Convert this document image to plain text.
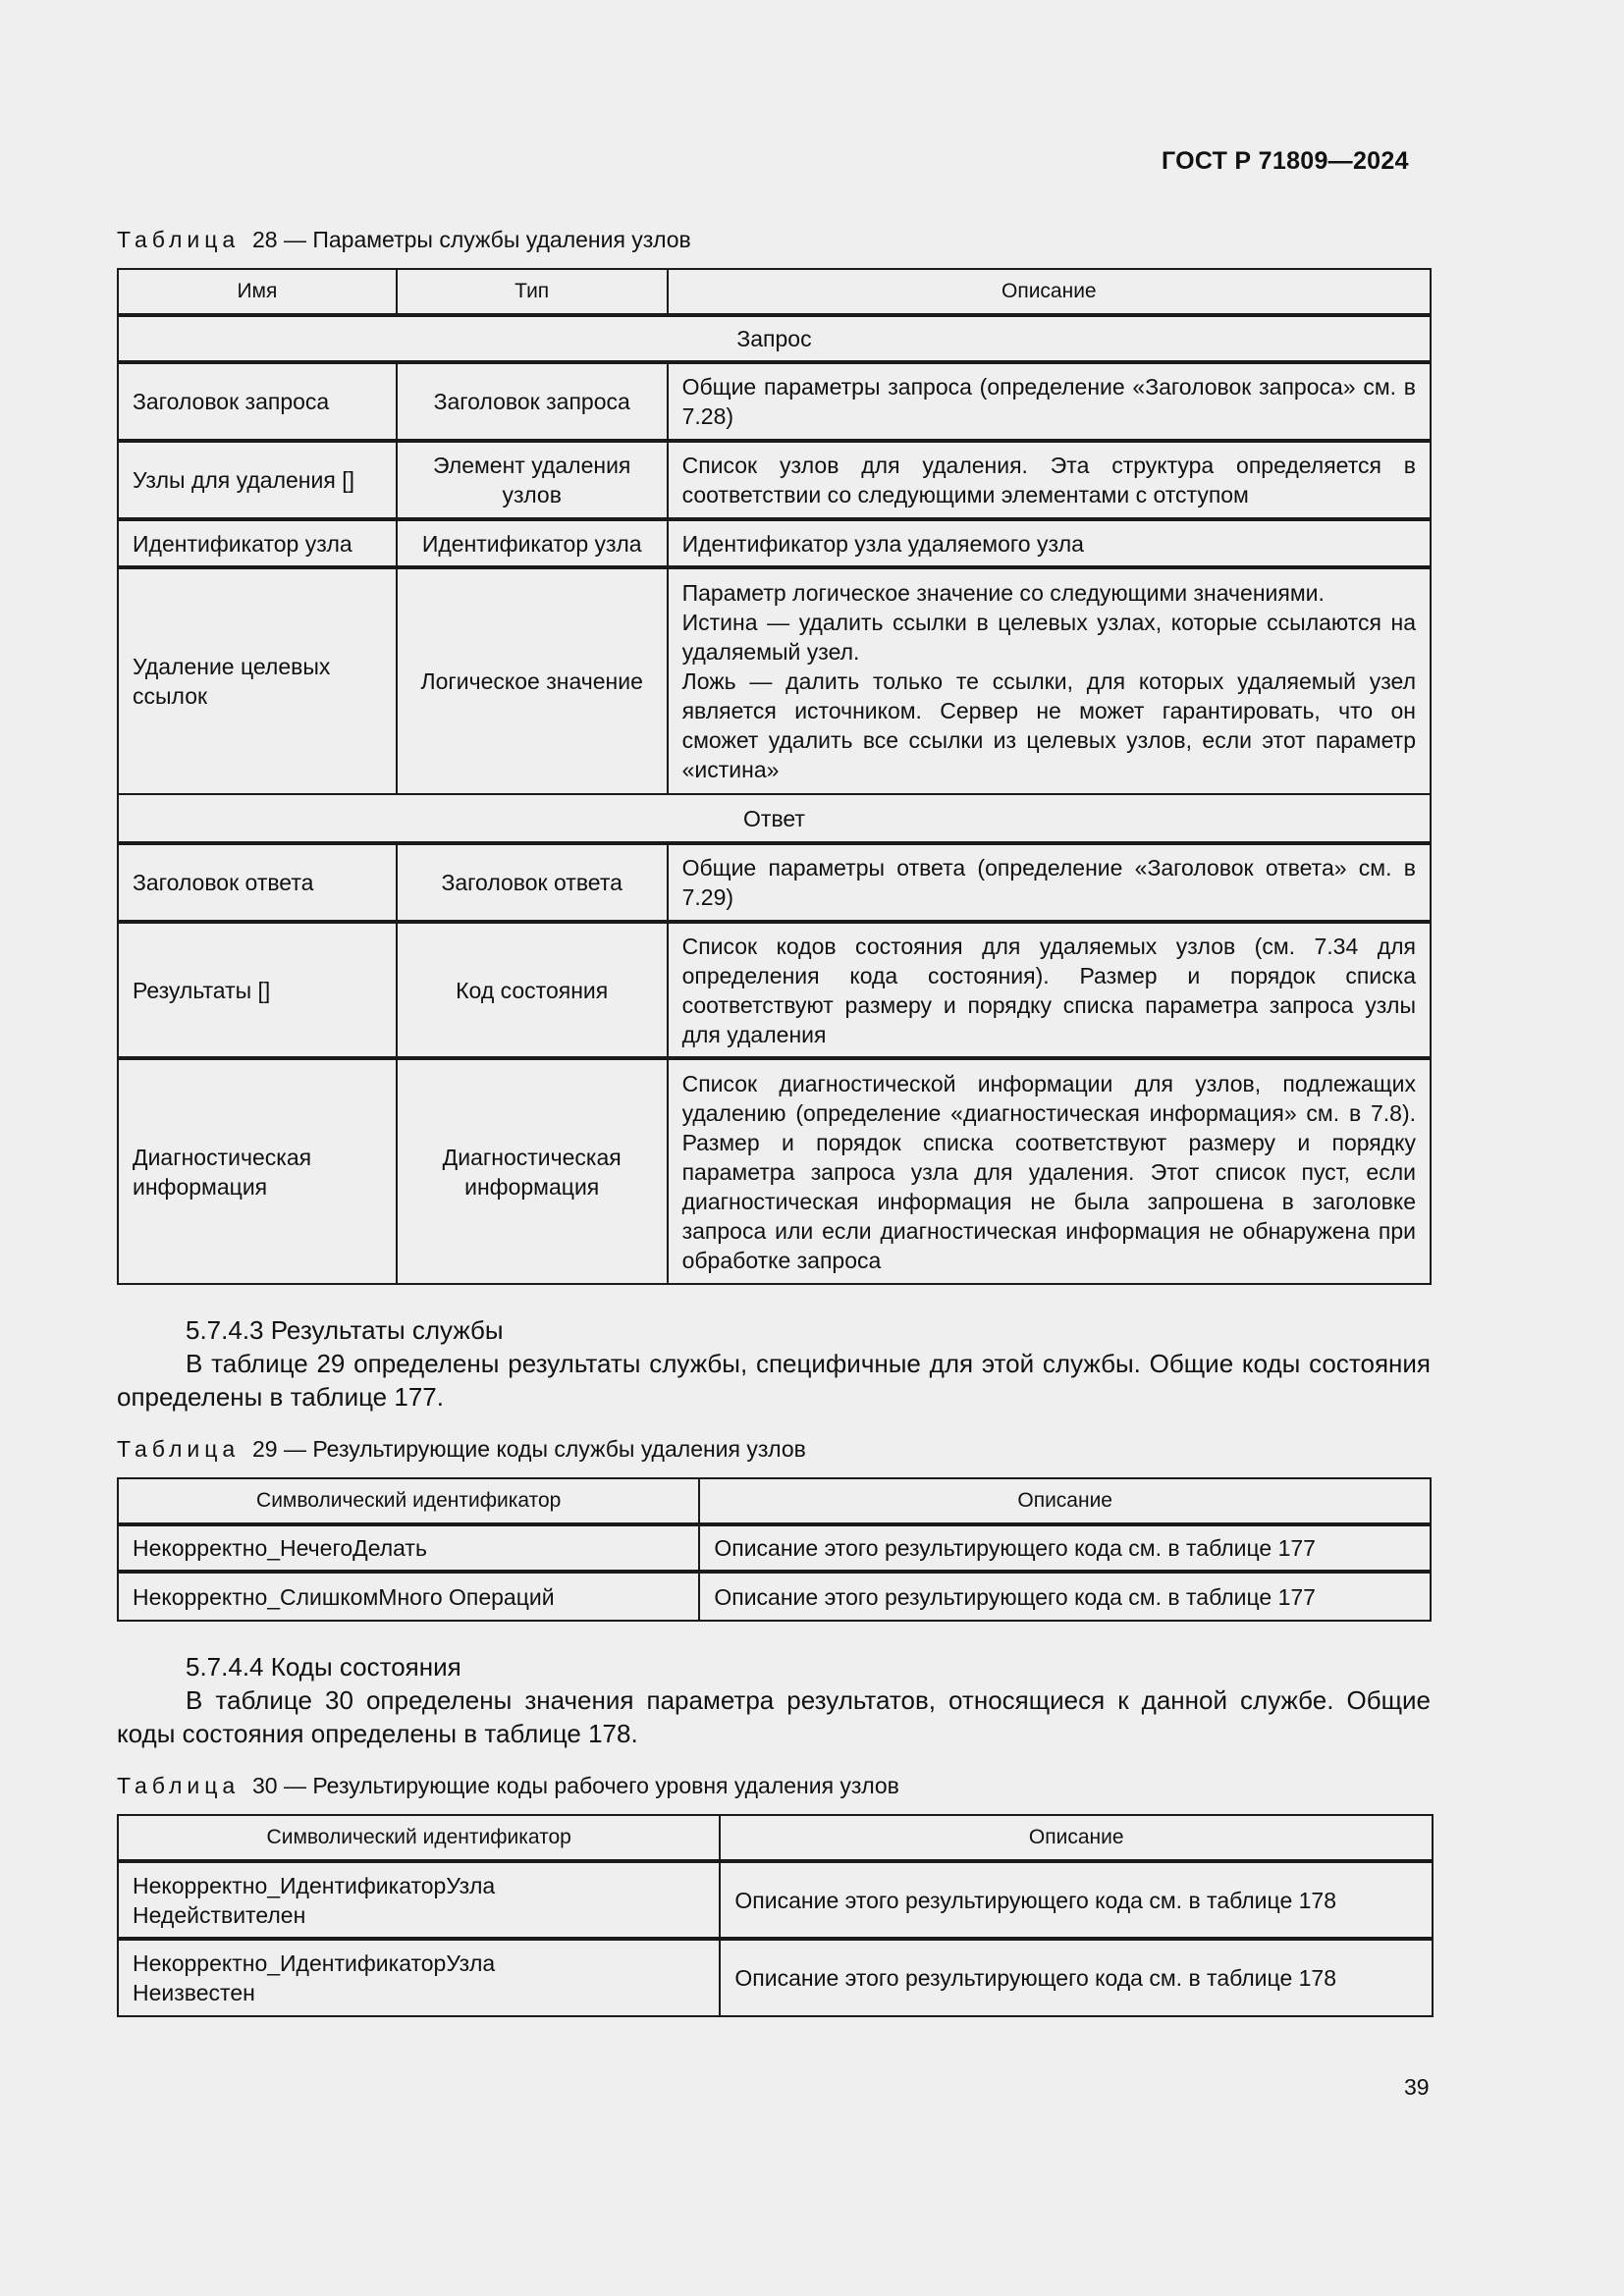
ГОСТ Р 71809—2024
Таблица 28 — Параметры службы удаления узлов
Имя	Тип	Описание
Запрос		
Заголовок запроса	Заголовок запроса	Общие параметры запроса (определение «Заголовок запроса» см. в 7.28)
Узлы для удаления []	Элемент удаления узлов	Список узлов для удаления. Эта структура определяется в соответствии со следующими элементами с отступом
Идентификатор узла	Идентификатор узла	Идентификатор узла удаляемого узла
Удаление целевых ссылок	Логическое значение	Параметр логическое значение со следующими значениями.
Истина — удалить ссылки в целевых узлах, которые ссылаются на удаляемый узел.
Ложь — далить только те ссылки, для которых удаляемый узел является источником. Сервер не может гарантировать, что он сможет удалить все ссылки из целевых узлов, если этот параметр «истина»

Ответ		
Заголовок ответа	Заголовок ответа	Общие параметры ответа (определение «Заголовок ответа» см. в 7.29)
Результаты []	Код состояния	Список кодов состояния для удаляемых узлов (см. 7.34 для определения кода состояния). Размер и порядок списка соответствуют размеру и порядку списка параметра запроса узлы для удаления
Диагностическая информация	Диагностическая информация	Список диагностической информации для узлов, подлежащих удалению (определение «диагностическая информация» см. в 7.8). Размер и порядок списка соответствуют размеру и порядку параметра запроса узла для удаления. Этот список пуст, если диагностическая информация не была запрошена в заголовке запроса или если диагностическая информация не обнаружена при обработке запроса
5.7.4.3 Результаты службы
В таблице 29 определены результаты службы, специфичные для этой службы. Общие коды состояния определены в таблице 177.
Таблица 29 — Результирующие коды службы удаления узлов
Символический идентификатор	Описание
Некорректно_НечегоДелать	Описание этого результирующего кода см. в таблице 177
Некорректно_СлишкомМного Операций	Описание этого результирующего кода см. в таблице 177
5.7.4.4 Коды состояния
В таблице 30 определены значения параметра результатов, относящиеся к данной службе. Общие коды состояния определены в таблице 178.
Таблица 30 — Результирующие коды рабочего уровня удаления узлов
Символический идентификатор	Описание

Некорректно_ИдентификаторУзла
Недействителен	Описание этого результирующего кода см. в таблице 178

Некорректно_ИдентификаторУзла
Неизвестен	Описание этого результирующего кода см. в таблице 178
39
